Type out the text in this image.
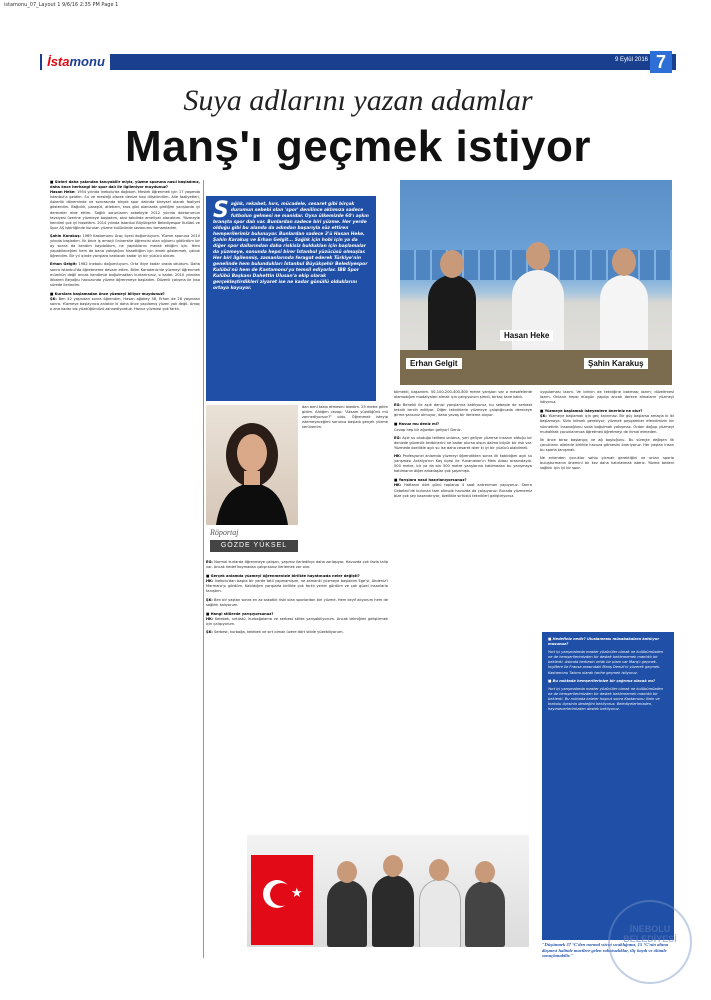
istamonu_07_Layout 1 9/6/16 2:35 PM Page 1
İstamonu	9 Eylül 2016 7
Suya adlarını yazan adamlar
Manş'ı geçmek istiyor

■ Sizleri daha yakından tanıyabilir miyiz, yüzme sporuna nasıl başladınız, daha önce herhangi bir spor dalı ile ilgileniyor muydunuz?

Hasan Heke: 1954 yılında İnebolu'da doğdum. Meslek öğrenmek için 17 yaşımda İstanbul'a geldim. Su ve mesleği olarak denize hep düşkündüm. Aile faaliyetleri, Askerlik döneminde ve sonrasında birçok spor dalında bireysel olarak faaliyet gösterdim. Bağcılık, paraşüt, atletizm, kros gibi alanlarda girdiğim yarışlarda iyi dereceler elde ettim. Sağlık sorunlarım sebebiyle 2012 yılında doktorumun tavsiyesi üzerine yüzmeye başladım, aksi takdirde ameliyat olacaktım. Yüzmeyle kendimi çok iyi hissettim. 2014 yılında İstanbul Büyükşehir Belediyespor Kulübü ve Spor AŞ işbirliğinde kurulan yüzme kulübünde sezonumu tamamladım.

Şahin Karakuş: 1969 Kastamonu Araç ilçesi doğumluyum. Yüzme sporuna 2010 yılında başladım. İlk önce iş amaçlı üniversite öğrencisi olan oğlumu götürdüm bir ay sonra da kendim kaydoldum, ne yaptıklarını merak ettiğim için. Hem yapabileceğimi hem de bana yakıştığını hissettiğim için emek göstermek, çabuk öğrendim. Bir yıl içinde yarışlara katılacak kadar iyi bir yüzücü oldum.

Erhan Gelgit: 1982 İnebolu doğumluyum. Orta ikiye kadar orada okudum. Daha sonra İstanbul'da öğretmeme devam ettim. Bilim Karadeniz'de yüzmeyi öğrenmek mümkün değil ancak kendimizi boğulmaktan kurtarırsınız, o kadar. 2010 yılından itibaren Beyoğlu havuzunda yüzme öğrenmeye başladım. Düzenli çalışma ile kısa sürede ilerledim.

■ Kurslara başlamadan önce yüzmeyi biliyor muydunuz?

ŞK: Ben 42 yaşından sonra öğrendim, Hasan ağabey 58, Erhan de 28 yaşından sonra. Yüzmeye başlayınca anlatılır ki daha önce yapılamış yüzen yok değil. Amaç o ana kadar biz yüzdüğümüzü zannediyorduk. Havuz yüzmesi çok farklı.

Sağlık, rekabet, hırs, mücadele, cesaret gibi birçok durumun sebebi olan 'spor' denilince aklımıza sadece futbolun gelmesi ne manidar. Oysa ülkemizde 60'ı aşkın branşta spor dalı var. Bunlardan sadece biri yüzme. Her yerde olduğu gibi bu alanda da adından başarıyla söz ettiren hemşerilerimiz bulunuyor. Bunlardan sadece 3'ü Hasan Heke, Şahin Karakuş ve Erhan Gelgit... Sağlık için hobi için ya da diğer spor dallarından daha riskisiz bulduklan için başlamalar da yüzmeye, sonunda hepsi birer İstanbul yüzücüsü olmuşlar. Her biri ilgilenmiş, zamanlarında feragat ederek Türkiye'nin genelinde hem bulundukları İstanbul Büyükşehir Belediyespor Kulübü'nü hem de Kastamonu'yu temsil ediyorlar. İBB Spor Kulübü Başkanı Dahettin Ulusan'a ekip olarak gerçekleştirdikleri ziyaret ise ne kadar gönüllü olduklarını ortaya koyuyor.
Röportaj
GÖZDE YÜKSEL

dan beni takip etmesini istedim. 25 metre gitim gidim. Aldığım cevap: "Aksam yüzdüğünü mü zannediyorsun?" oldu. Öğrenmek isteyip istemeyeceğimi sorunca başladı gerçek yüzme serüvenim.

EG: Normal kurlarda öğrenmeye çalışan, yaşımız ilerledikçe daha zorlaşıyor. Havuzda çok fazla talip var. Ancak hedef koymadan çalışırsanız ilerlemek zor olur.

■ Gerçek anlamda yüzmeyi öğrenmenizle birlikte hayatınızda neler değişti?

HK: İnebolu'dan başka bir yerde tatil yapmamışım, ne zamanki yüzmeye başladım Ege'yi, Akdeniz'i Marmara'yı gördüm. Katıldığım yarışlarla birlikte çok farklı yerler gördüm ve çok güzel insanlarla tanıştım.

ŞK: Ben bir yaştan sonra en az sakatlık riski olan sporlardan biri yüzme. Hem keyif alıyorum hem de sağlıklı kalıyorum.

■ Hangi stillerde yarışıyorsunuz?

HK: Kelebek, sırtüstü, kurbağalama ve serbest stilde yarışabiliyorum. Ancak tekniğimi geliştirmek için çalışıyorum.

ŞK: Serbest, kurbağa, kelebek ve sırt olmak üzere dört stilde yüzebiliyorum.

Erhan Gelgit
Hasan Heke
Şahin Karakuş

bilmekti, başardım. 50-100-200-400-800 metre yarışları var o mesafelerde olamadığım madalyaları almak için çalışıyorum şimdi, birkaç tane kaldı.

EG: Benekli ile açık denizi yarışlarına katılıyoruz, bu sebeple de serbest teknik tercih ediliyor. Diğer tekniklerle yüzmeye çalıştığınızda dereceye girme şansınız olmuyor, daha yavaş bir ilerleme oluyor.

■ Havuz mu deniz mi?

Cevap hep bir ağızdan geliyor! Deniz.

EG: Açık su oluduğa telikesi onlarca, yeri geliyor yüzerse insanın olduğu bir denizde güvenlik tedbirlerini ne kadar olursa olsun daima büyük bir risk var. Yüzmede özellikle açık su ise daha cesaret ister ki iyi bir yüzücü olabilmeli.

HK: Profesyonel anlamda yüzmeyi öğrendikten sonra ilk katıldığım açık su yarışması Antalya'nın Kaş ilçesi ile Yunanistan'ın Meis Adası arasındaydı. 500 metre, bir ya da bin 500 metre yarışlarına katılmadan bu yarışmaya katılmanın diğer arkadaşlar çok şaşırmıştı.

■ Yarışlara nasıl hazırlanıyorsunuz?

HK: Haftanın dört günü toplanıp 4 saat antrenman yapıyoruz. Sonra Cebeleci'de bulunan tam olimpik havuzda da çalışıyoruz. Burada yüzmemiz bize çok şey kazandırıyor, özellikle sırtüstü teknikleri geliştiriyoruz.

uygulaması lazım. Ve birinin de tekniğine bakması lazım; düzeltmesi lazım. Onların hepsi düzgün yapılıp ancak derece almaların yüzmeyi istiyoruz.

■ Yüzmeye başlamak isteyenlere öneriniz ne olur?

ŞK: Yüzmeye başlamak için geç kalınmaz. Bir güç başlarsa amaçla ki iki başlamaya. Sizin bilmek gerekiyor; yüzmek peygamber efendimizin bir sünnetidir. İnsanoğlunu suda boğulmak yakışmaz. Ordan doğup yüzmeyi muhakkak çocuklarımıza öğretmeli öğretmeyi de ihmal etmeden.

İlk önce biraz başlangıç ve ağ boşluğunu. Bu süreçte değişen ilk çocukların ailelerle birlikte havuza gitmesini öneriyoruz. Her yaştan insan bu sporla tanışmalı.

Ne erkenden çocuklar sahip çıkmak gerektiğini ve onları sporla buluşturmanın önemini bir kez daha hatırlatmak isteriz. Yüzme bedeni sağlıklı için iyi bir spor.

★

■ Hedefiniz nedir? Uluslararası müsabakalara katılıyor musunuz?

Yurt içi yarışmalarda master yüzücüler olarak ne kulübümüzden ne de hemşerilerimizden bir destek beklememek mantıklı bir beklenti. Asimda herkesin ortak bir planı var Manş'ı geçmek. İngiltere ile Fransa arasındaki Manş Denizi'ni yüzerek geçmek. Kastamonu Takımı olarak tarihe geçmek istiyoruz.

■ Bu noktada hemşerilerinize bir çağrınız olacak mı?

Yurt içi yarışmalarda master yüzücüler olarak ne kulübümüzden ne de hemşerilerimizden bir destek beklememek mantıklı bir beklenti. Bu noktada kaleler hoşnut sonra Kastamonu ilinin ve İnebolu ilçesinin desteğini bekliyoruz. Belediyelerimizden, hayırseverlerimizden destek bekliyoruz.

"Düşünmek 37 °C'den normal vücut sıcaklığımız, 15 °C'nin altına düşmesi halinde mavilere gelen rahatsızlıklar, iliç kaydı ve ölümle sonuçlanabilir."
İNEBOLU
BELEDİYESİ
